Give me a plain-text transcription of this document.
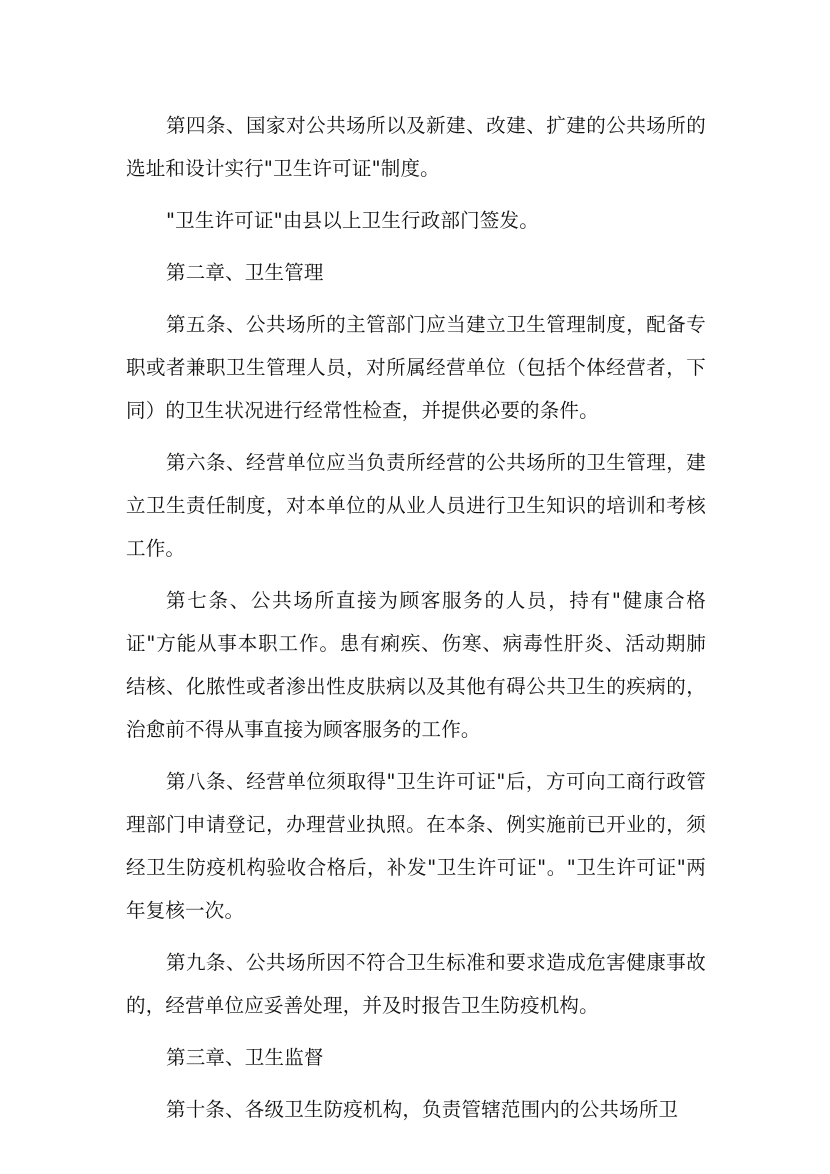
第四条、国家对公共场所以及新建、改建、扩建的公共场所的选址和设计实行"卫生许可证"制度。

"卫生许可证"由县以上卫生行政部门签发。

第二章、卫生管理

第五条、公共场所的主管部门应当建立卫生管理制度，配备专职或者兼职卫生管理人员，对所属经营单位（包括个体经营者，下同）的卫生状况进行经常性检查，并提供必要的条件。

第六条、经营单位应当负责所经营的公共场所的卫生管理，建立卫生责任制度，对本单位的从业人员进行卫生知识的培训和考核工作。

第七条、公共场所直接为顾客服务的人员，持有"健康合格证"方能从事本职工作。患有痢疾、伤寒、病毒性肝炎、活动期肺结核、化脓性或者渗出性皮肤病以及其他有碍公共卫生的疾病的，治愈前不得从事直接为顾客服务的工作。

第八条、经营单位须取得"卫生许可证"后，方可向工商行政管理部门申请登记，办理营业执照。在本条、例实施前已开业的，须经卫生防疫机构验收合格后，补发"卫生许可证"。"卫生许可证"两年复核一次。

第九条、公共场所因不符合卫生标准和要求造成危害健康事故的，经营单位应妥善处理，并及时报告卫生防疫机构。

第三章、卫生监督

第十条、各级卫生防疫机构，负责管辖范围内的公共场所卫
